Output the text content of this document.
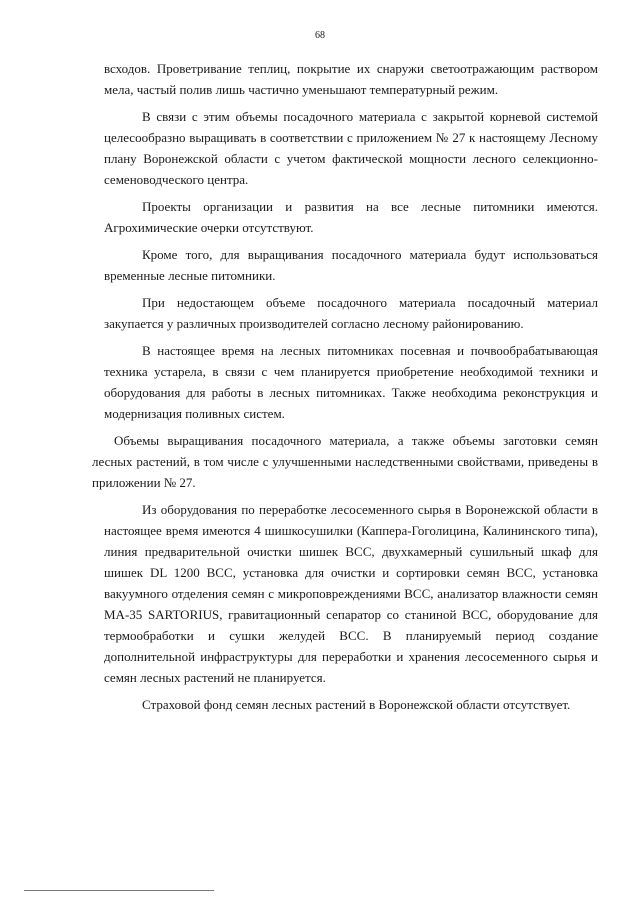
68

всходов. Проветривание теплиц, покрытие их снаружи светоотражающим раствором мела, частый полив лишь частично уменьшают температурный режим.

В связи с этим объемы посадочного материала с закрытой корневой системой целесообразно выращивать в соответствии с приложением № 27 к настоящему Лесному плану Воронежской области с учетом фактической мощности лесного селекционно-семеноводческого центра.

Проекты организации и развития на все лесные питомники имеются. Агрохимические очерки отсутствуют.

Кроме того, для выращивания посадочного материала будут использоваться временные лесные питомники.

При недостающем объеме посадочного материала посадочный материал закупается у различных производителей согласно лесному районированию.

В настоящее время на лесных питомниках посевная и почвообрабатывающая техника устарела, в связи с чем планируется приобретение необходимой техники и оборудования для работы в лесных питомниках. Также необходима реконструкция и модернизация поливных систем.

Объемы выращивания посадочного материала, а также объемы заготовки семян лесных растений, в том числе с улучшенными наследственными свойствами, приведены в приложении № 27.

Из оборудования по переработке лесосеменного сырья в Воронежской области в настоящее время имеются 4 шишкосушилки (Каппера-Гоголицина, Калининского типа), линия предварительной очистки шишек ВСС, двухкамерный сушильный шкаф для шишек DL 1200 ВСС, установка для очистки и сортировки семян ВСС, установка вакуумного отделения семян с микроповреждениями ВСС, анализатор влажности семян MA-35 SARTORIUS, гравитационный сепаратор со станиной ВСС, оборудование для термообработки и сушки желудей ВСС. В планируемый период создание дополнительной инфраструктуры для переработки и хранения лесосеменного сырья и семян лесных растений не планируется.

Страховой фонд семян лесных растений в Воронежской области отсутствует.
